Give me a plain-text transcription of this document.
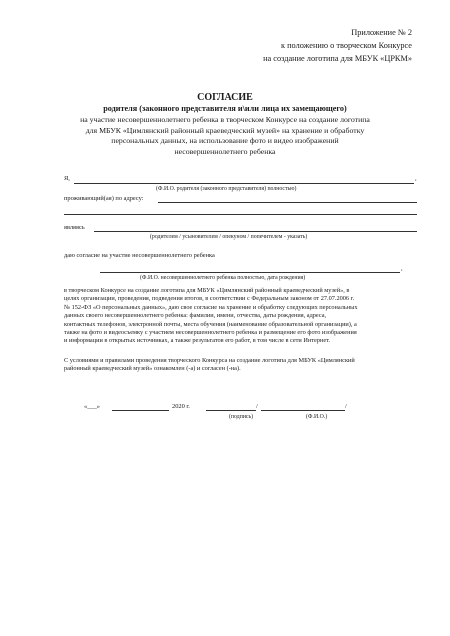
Приложение № 2
к положению о творческом Конкурсе
на создание логотипа для МБУК «ЦРКМ»
СОГЛАСИЕ
родителя (законного представителя и\или лица их замещающего)
на участие несовершеннолетнего ребенка в творческом Конкурсе на создание логотипа
для МБУК «Цимлянский районный краеведческий музей» на хранение и обработку
персональных данных, на использование фото и видео изображений
несовершеннолетнего ребенка
Я,	,
(Ф.И.О. родителя (законного представителя) полностью)
проживающий(ая) по адресу:
являясь
(родителем / усыновителем / опекуном / попечителем - указать)
даю согласие на участие несовершеннолетнего ребенка
,
(Ф.И.О. несовершеннолетнего ребенка полностью, дата рождения)
в творческом Конкурсе на создание логотипа для МБУК «Цимлянский районный краеведческий музей», в
целях организации, проведения, подведения итогов, в соответствии с Федеральным законом от 27.07.2006 г.
№ 152-ФЗ «О персональных данных», даю свое согласие на хранение и обработку следующих персональных
данных своего несовершеннолетнего ребенка: фамилии, имени, отчества, даты рождения, адреса,
контактных телефонов, электронной почты, места обучения (наименование образовательной организации), а
также на фото и видеосъемку с участием несовершеннолетнего ребенка и размещение его фото изображения
и информации в открытых источниках, а также результатов его работ, в том числе в сети Интернет.
С условиями и правилами проведения творческого Конкурса на создание логотипа для МБУК «Цимлянский
районный краеведческий музей» ознакомлен (-а) и согласен (-на).
«___»	2020 г.	/	/
(подпись)	(Ф.И.О.)
